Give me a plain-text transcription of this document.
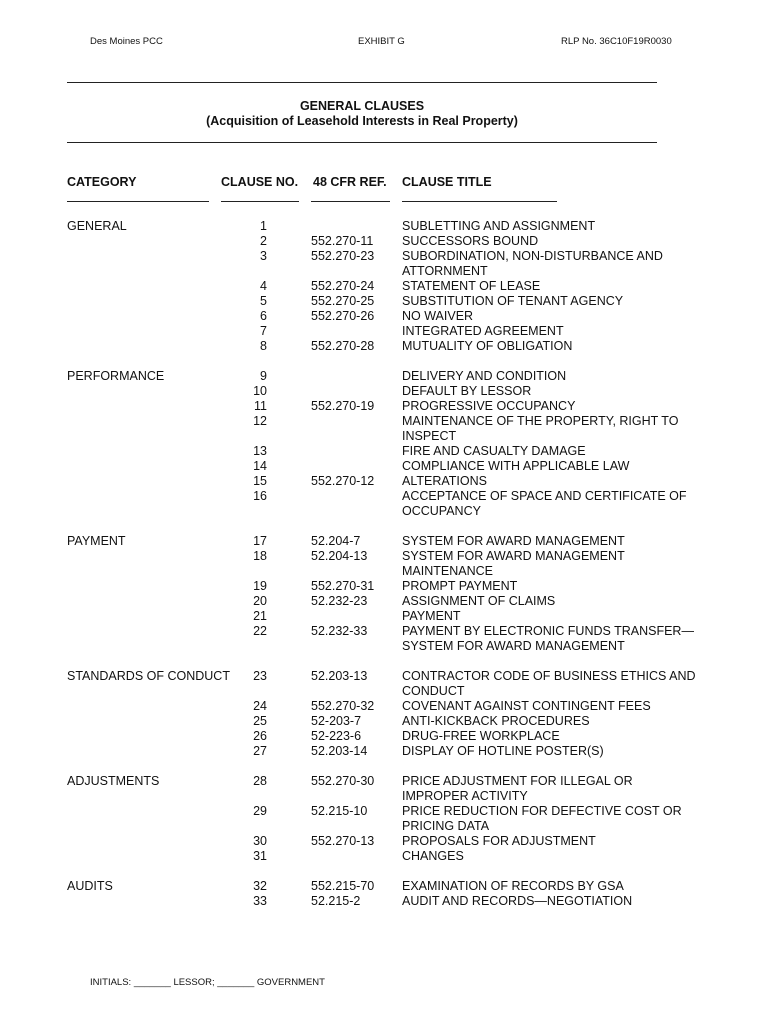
Des Moines PCC	EXHIBIT G	RLP No. 36C10F19R0030
GENERAL CLAUSES
(Acquisition of Leasehold Interests in Real Property)
CATEGORY	CLAUSE NO. 48 CFR REF. CLAUSE TITLE
GENERAL	1	SUBLETTING AND ASSIGNMENT
2	552.270-11 SUCCESSORS BOUND
3	552.270-23 SUBORDINATION, NON-DISTURBANCE AND
ATTORNMENT
4	552.270-24 STATEMENT OF LEASE
5	552.270-25 SUBSTITUTION OF TENANT AGENCY
6	552.270-26 NO WAIVER
7	INTEGRATED AGREEMENT
8	552.270-28 MUTUALITY OF OBLIGATION
PERFORMANCE	9	DELIVERY AND CONDITION
10	DEFAULT BY LESSOR
11	552.270-19 PROGRESSIVE OCCUPANCY
12	MAINTENANCE OF THE PROPERTY, RIGHT TO
INSPECT
13	FIRE AND CASUALTY DAMAGE
14	COMPLIANCE WITH APPLICABLE LAW
15	552.270-12 ALTERATIONS
16	ACCEPTANCE OF SPACE AND CERTIFICATE OF
OCCUPANCY
PAYMENT	17	52.204-7	SYSTEM FOR AWARD MANAGEMENT
18	52.204-13	SYSTEM FOR AWARD MANAGEMENT
MAINTENANCE
19	552.270-31 PROMPT PAYMENT
20	52.232-23	ASSIGNMENT OF CLAIMS
21	PAYMENT
22	52.232-33	PAYMENT BY ELECTRONIC FUNDS TRANSFER—
SYSTEM FOR AWARD MANAGEMENT
STANDARDS OF CONDUCT	23	52.203-13	CONTRACTOR CODE OF BUSINESS ETHICS AND
CONDUCT
24	552.270-32 COVENANT AGAINST CONTINGENT FEES
25	52-203-7	ANTI-KICKBACK PROCEDURES
26	52-223-6	DRUG-FREE WORKPLACE
27	52.203-14	DISPLAY OF HOTLINE POSTER(S)
ADJUSTMENTS	28	552.270-30 PRICE ADJUSTMENT FOR ILLEGAL OR
IMPROPER ACTIVITY
29	52.215-10	PRICE REDUCTION FOR DEFECTIVE COST OR
PRICING DATA
30	552.270-13 PROPOSALS FOR ADJUSTMENT
31	CHANGES
AUDITS	32	552.215-70 EXAMINATION OF RECORDS BY GSA
33	52.215-2	AUDIT AND RECORDS—NEGOTIATION
INITIALS: _______ LESSOR; _______ GOVERNMENT
